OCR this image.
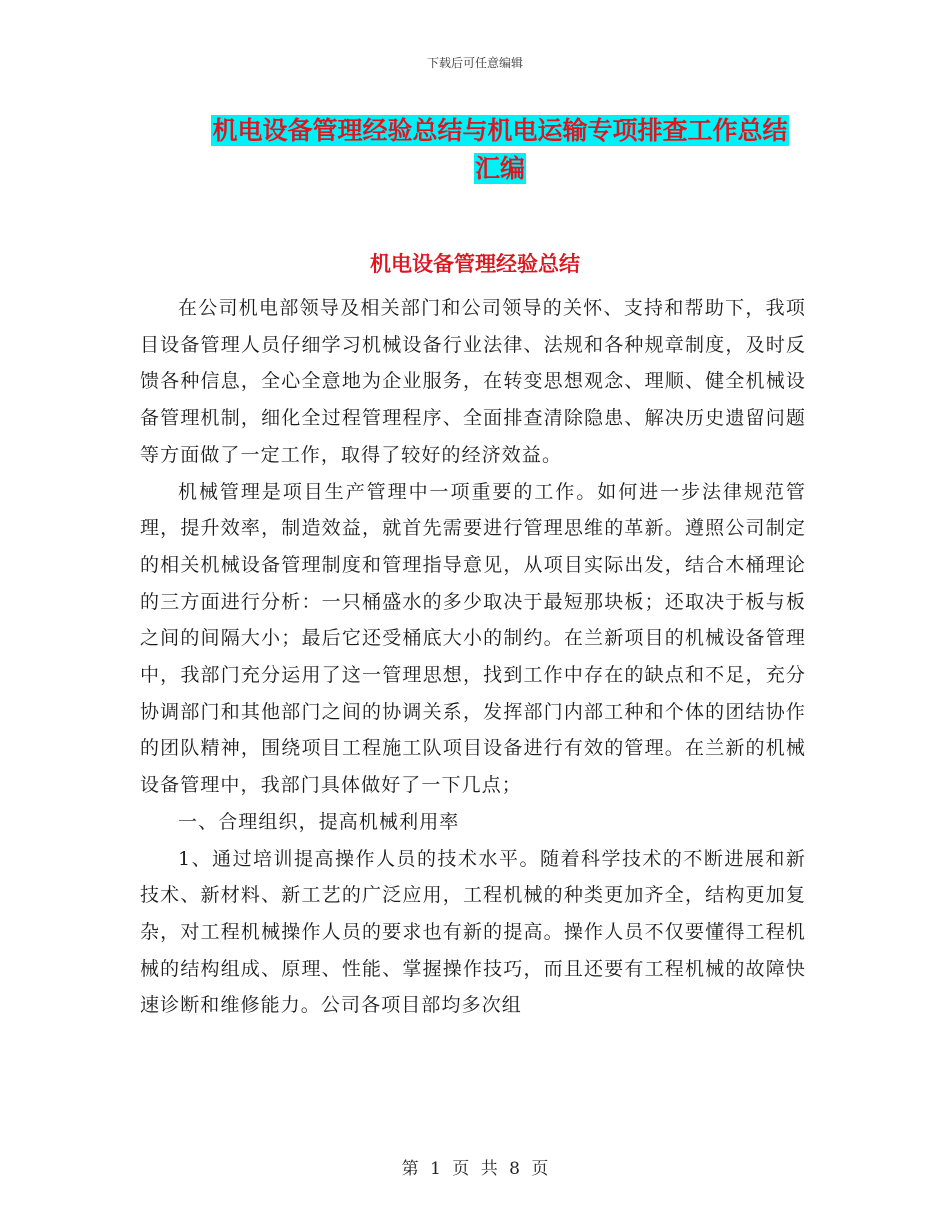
下载后可任意编辑
机电设备管理经验总结与机电运输专项排查工作总结
汇编
机电设备管理经验总结

在公司机电部领导及相关部门和公司领导的关怀、支持和帮助下，我项目设备管理人员仔细学习机械设备行业法律、法规和各种规章制度，及时反馈各种信息，全心全意地为企业服务，在转变思想观念、理顺、健全机械设备管理机制，细化全过程管理程序、全面排查清除隐患、解决历史遗留问题等方面做了一定工作，取得了较好的经济效益。

机械管理是项目生产管理中一项重要的工作。如何进一步法律规范管理，提升效率，制造效益，就首先需要进行管理思维的革新。遵照公司制定的相关机械设备管理制度和管理指导意见，从项目实际出发，结合木桶理论的三方面进行分析：一只桶盛水的多少取决于最短那块板；还取决于板与板之间的间隔大小；最后它还受桶底大小的制约。在兰新项目的机械设备管理中，我部门充分运用了这一管理思想，找到工作中存在的缺点和不足，充分协调部门和其他部门之间的协调关系，发挥部门内部工种和个体的团结协作的团队精神，围绕项目工程施工队项目设备进行有效的管理。在兰新的机械设备管理中，我部门具体做好了一下几点；

一、合理组织，提高机械利用率

1、通过培训提高操作人员的技术水平。随着科学技术的不断进展和新技术、新材料、新工艺的广泛应用，工程机械的种类更加齐全，结构更加复杂，对工程机械操作人员的要求也有新的提高。操作人员不仅要懂得工程机械的结构组成、原理、性能、掌握操作技巧，而且还要有工程机械的故障快速诊断和维修能力。公司各项目部均多次组

第 1 页 共 8 页
